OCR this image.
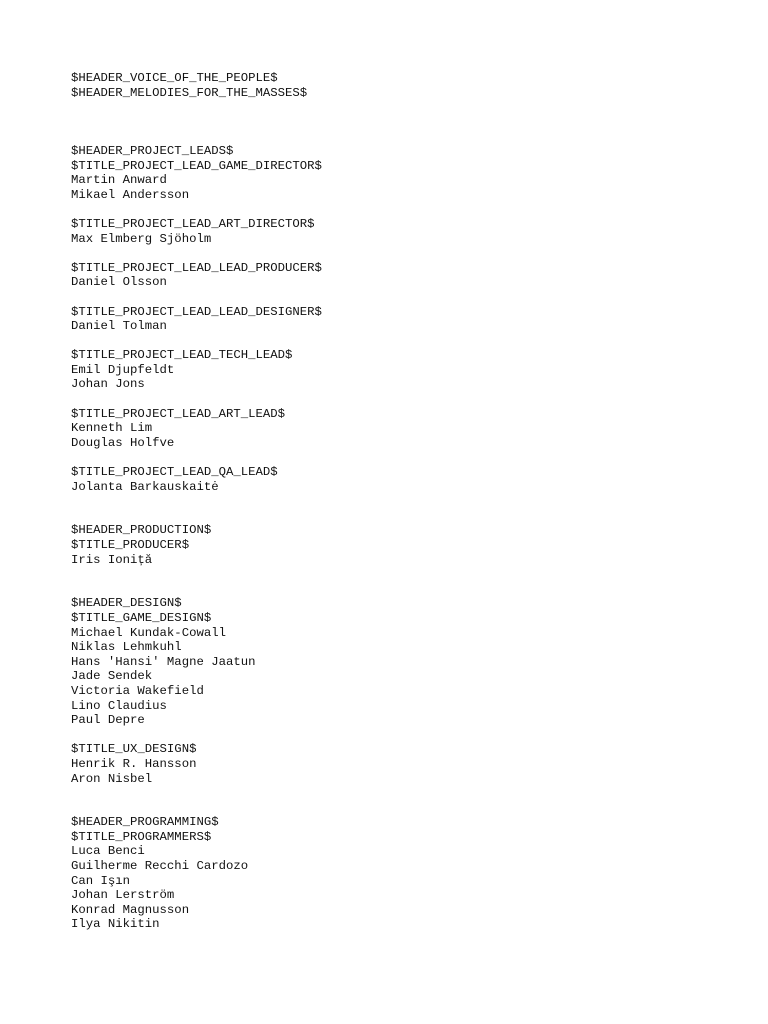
$HEADER_VOICE_OF_THE_PEOPLE$
$HEADER_MELODIES_FOR_THE_MASSES$
$HEADER_PROJECT_LEADS$
$TITLE_PROJECT_LEAD_GAME_DIRECTOR$
Martin Anward
Mikael Andersson
$TITLE_PROJECT_LEAD_ART_DIRECTOR$
Max Elmberg Sjöholm
$TITLE_PROJECT_LEAD_LEAD_PRODUCER$
Daniel Olsson
$TITLE_PROJECT_LEAD_LEAD_DESIGNER$
Daniel Tolman
$TITLE_PROJECT_LEAD_TECH_LEAD$
Emil Djupfeldt
Johan Jons
$TITLE_PROJECT_LEAD_ART_LEAD$
Kenneth Lim
Douglas Holfve
$TITLE_PROJECT_LEAD_QA_LEAD$
Jolanta Barkauskaitė
$HEADER_PRODUCTION$
$TITLE_PRODUCER$
Iris Ioniță
$HEADER_DESIGN$
$TITLE_GAME_DESIGN$
Michael Kundak-Cowall
Niklas Lehmkuhl
Hans 'Hansi' Magne Jaatun
Jade Sendek
Victoria Wakefield
Lino Claudius
Paul Depre
$TITLE_UX_DESIGN$
Henrik R. Hansson
Aron Nisbel
$HEADER_PROGRAMMING$
$TITLE_PROGRAMMERS$
Luca Benci
Guilherme Recchi Cardozo
Can Işın
Johan Lerström
Konrad Magnusson
Ilya Nikitin
